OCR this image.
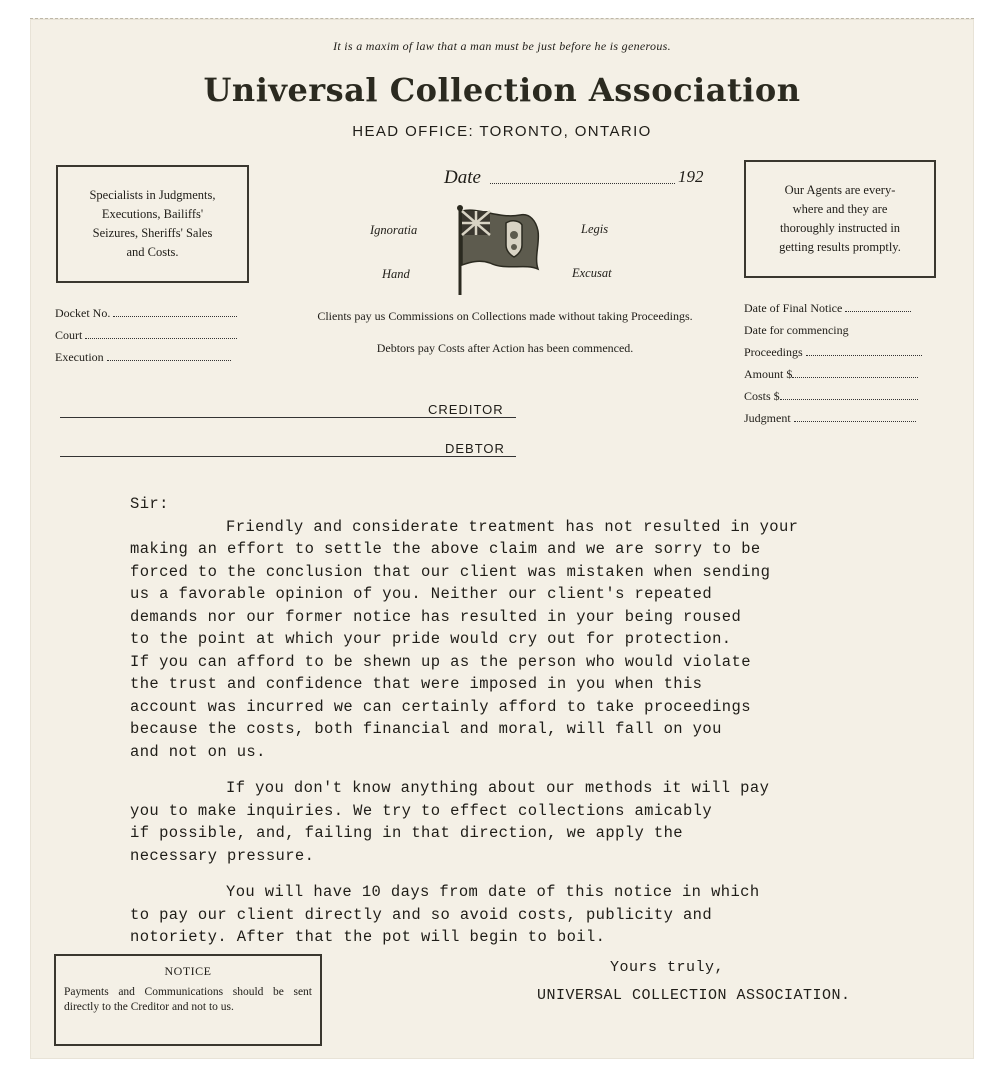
It is a maxim of law that a man must be just before he is generous.
Universal Collection Association
HEAD OFFICE: TORONTO, ONTARIO
Specialists in Judgments,
Executions, Bailiffs'
Seizures, Sheriffs' Sales
and Costs.
Our Agents are every-
where and they are
thoroughly instructed in
getting results promptly.
Date	192
Ignoratia	Legis
Hand	Excusat
Clients pay us Commissions on Collections made without taking Proceedings.
Debtors pay Costs after Action has been commenced.
Docket No.
Court
Execution
Date of Final Notice
Date for commencing
Proceedings
Amount $
Costs $
Judgment
CREDITOR
DEBTOR

Sir:

Friendly and considerate treatment has not resulted in your

making an effort to settle the above claim and we are sorry to be

forced to the conclusion that our client was mistaken when sending

us a favorable opinion of you. Neither our client's repeated

demands nor our former notice has resulted in your being roused

to the point at which your pride would cry out for protection.

If you can afford to be shewn up as the person who would violate

the trust and confidence that were imposed in you when this

account was incurred we can certainly afford to take proceedings

because the costs, both financial and moral, will fall on you

and not on us.

If you don't know anything about our methods it will pay

you to make inquiries. We try to effect collections amicably

if possible, and, failing in that direction, we apply the

necessary pressure.

You will have 10 days from date of this notice in which

to pay our client directly and so avoid costs, publicity and

notoriety. After that the pot will begin to boil.

NOTICE
Payments and Communications should be sent directly to the Creditor and not to us.
Yours truly,
UNIVERSAL COLLECTION ASSOCIATION.
